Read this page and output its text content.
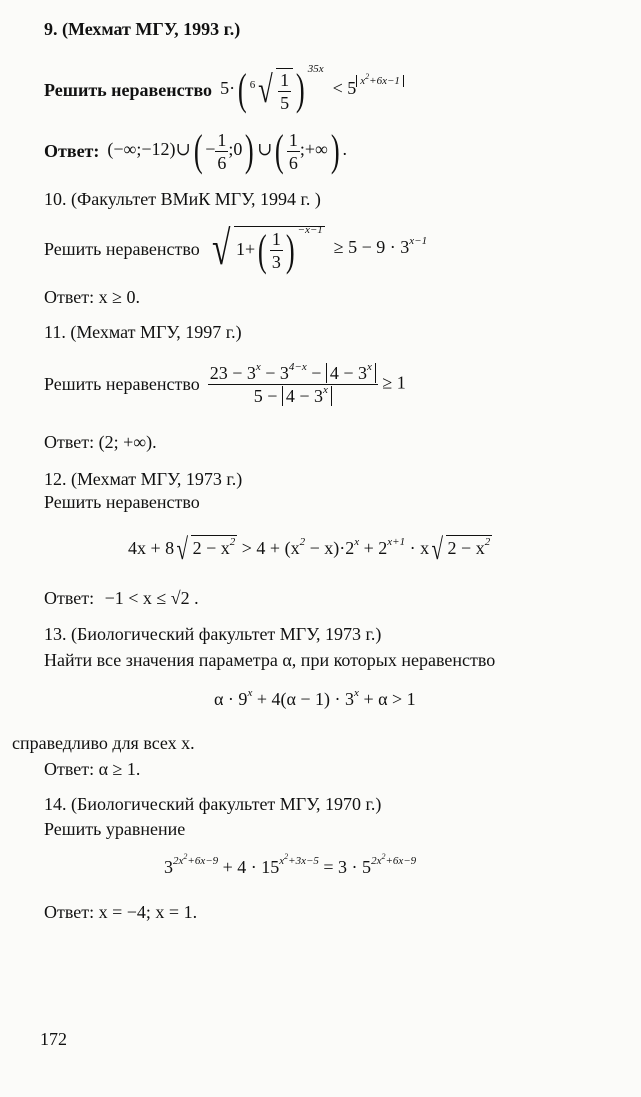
9. (Мехмат МГУ, 1993 г.)
Решить неравенство 5·( $^6√ \frac{1}{5}$ ) $^{35x}$  < 5 $^{x^2+6x-1}$
Ответ: (−∞;−12)∪( − $\frac{1}{6}$ ;0) ∪( $\frac{1}{6}$ ;+∞) .
10. (Факультет ВМиК МГУ, 1994 г. )
Решить неравенство √ $1+( \frac{1}{3}$ ) $^{-x-1} \ge 5 - 9 \cdot 3^{x-1}$
Ответ: x ≥ 0.
11. (Мехмат МГУ, 1997 г.)
Решить неравенство $\frac{23 - 3^x - 3^{4-x} - 4 - 3^x}{5 - 4 - 3^x} \ge 1$
Ответ: (2; +∞).
12. (Мехмат МГУ, 1973 г.)
Решить неравенство
4x + 8√ $2 - x^2 > 4 + (x^2 - x)\cdot 2^x + 2^{x+1} \cdot x√$ $2 - x^2$
Ответ: −1 < x ≤ √2 .
13. (Биологический факультет МГУ, 1973 г.)
Найти все значения параметра α, при которых неравенство
$\alpha \cdot 9^x + 4(\alpha - 1) \cdot 3^x + \alpha > 1$
справедливо для всех x.
Ответ: α ≥ 1.
14. (Биологический факультет МГУ, 1970 г.)
Решить уравнение
$3^{2x^2+6x-9} + 4 \cdot 15^{x^2+3x-5} = 3 \cdot 5^{2x^2+6x-9}$
Ответ: x = −4; x = 1.
172
